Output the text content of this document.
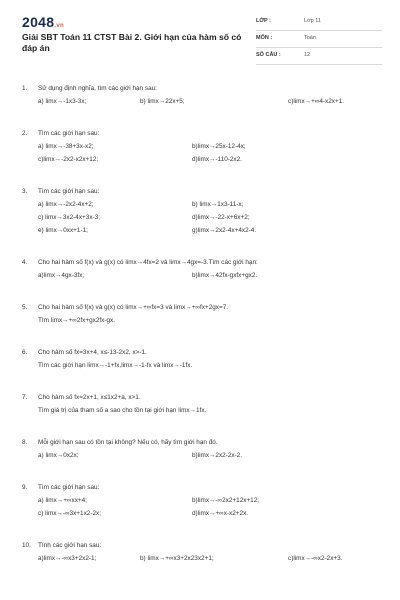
2048.vn
Giải SBT Toán 11 CTST Bài 2. Giới hạn của hàm số có đáp án
LỚP :	Lớp 11
MÔN :	Toán
SỐ CÂU :	12
1. Sử dụng định nghĩa, tìm các giới hạn sau:
a) limx→-1x3-3x;	b) limx→22x+5;	c)limx→+∞4-x2x+1.
2. Tìm các giới hạn sau:
a) limx→-38+3x-x2;	b)limx→25x-12-4x;
c)limx→-2x2-x2x+12;	d)limx→-110-2x2.
3. Tìm các giới hạn sau:
a) limx→-2x2-4x+2;	b) limx→1x3-11-x;
c) limx→3x2-4x+3x-3;	d)limx→-22-x+6x+2;
e) limx→0xx+1-1;	g)limx→2x2-4x+4x2-4.
4. Cho hai hàm số f(x) và g(x) có limx→4fx=2 và limx→4gx=-3.Tìm các giới hạn:
a)limx→4gx-3fx;	b)limx→42fx-gxfx+gx2.
5. Cho hai hàm số f(x) và g(x) có limx→+∞fx=3 và limx→+∞fx+2gx=7.
Tìm limx→+∞2fx+gx2fx-gx.
6. Cho hàm số fx=3x+4, x≤-13-2x2, x>-1.
Tìm các giới hạn limx→-1+fx,limx→-1-fx và limx→-1fx.
7. Cho hàm số fx=2x+1, x≤1x2+a, x>1.
Tìm giá trị của tham số a sao cho tồn tại giới hạn limx→1fx.
8. Mỗi giới hạn sau có tồn tại không? Nếu có, hãy tìm giới hạn đó.
a) limx→0x2x;	b)limx→2x2-2x-2.
9. Tìm các giới hạn sau:
a) limx→+∞xx+4;	b)limx→-∞2x2+12x+12;
c) limx→-∞3x+1x2-2x;	d)limx→+∞x-x2+2x.
10. Tính các giới hạn sau:
a)limx→-∞x3+2x2-1;	b) limx→+∞x3+2x23x2+1;	c)limx→-∞x2-2x+3.
